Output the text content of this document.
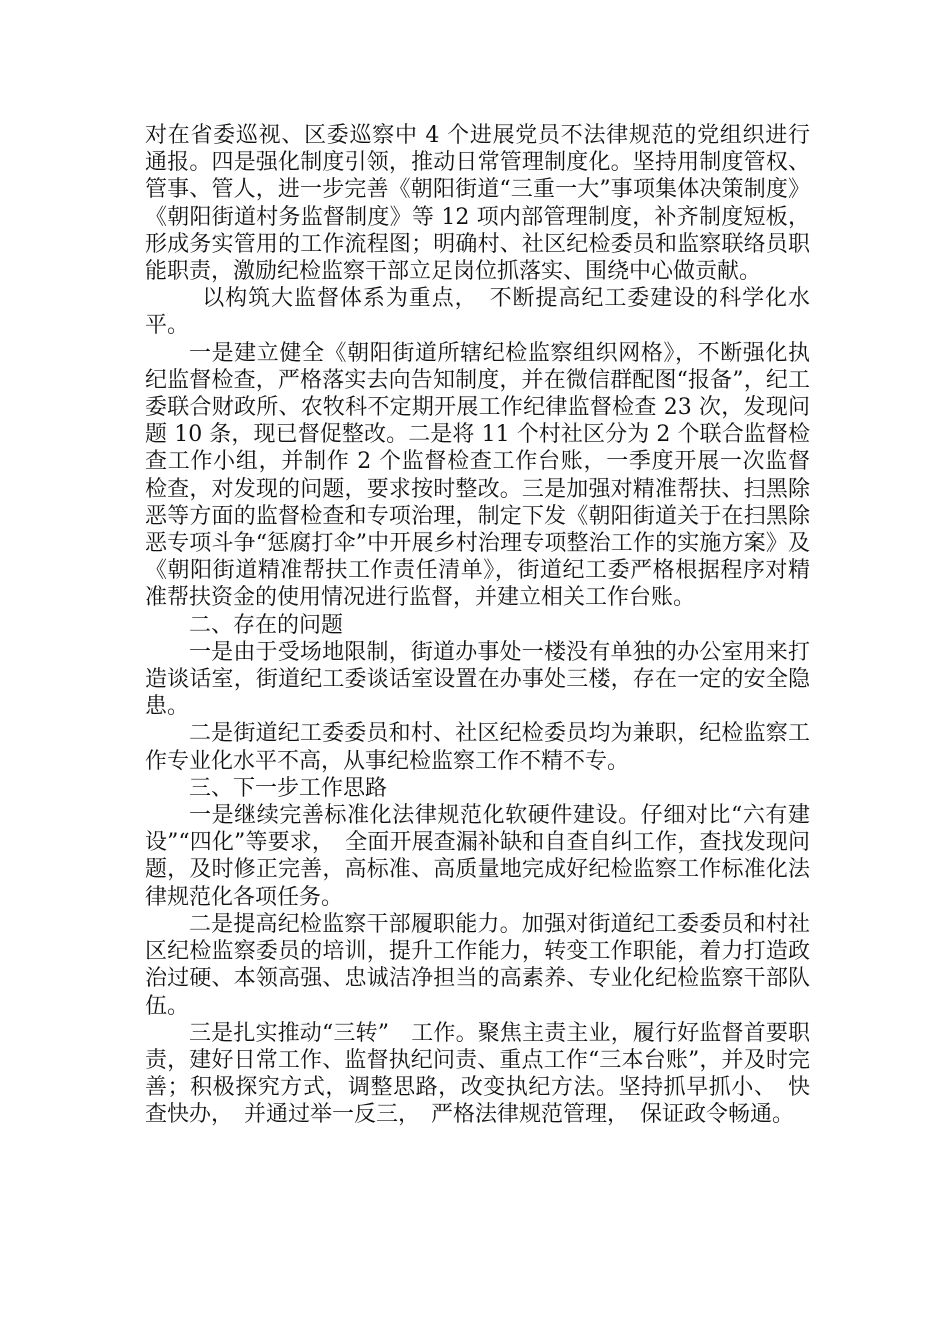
对在省委巡视、区委巡察中 4 个进展党员不法律规范的党组织进行通报。四是强化制度引领，推动日常管理制度化。坚持用制度管权、管事、管人，进一步完善《朝阳街道“三重一大”事项集体决策制度》《朝阳街道村务监督制度》等 12 项内部管理制度，补齐制度短板，形成务实管用的工作流程图；明确村、社区纪检委员和监察联络员职能职责，激励纪检监察干部立足岗位抓落实、围绕中心做贡献。

以构筑大监督体系为重点，　不断提高纪工委建设的科学化水平。

一是建立健全《朝阳街道所辖纪检监察组织网格》，不断强化执纪监督检查，严格落实去向告知制度，并在微信群配图“报备”，纪工委联合财政所、农牧科不定期开展工作纪律监督检查 23 次，发现问题 10 条，现已督促整改。二是将 11 个村社区分为 2 个联合监督检查工作小组，并制作 2 个监督检查工作台账，一季度开展一次监督检查，对发现的问题，要求按时整改。三是加强对精准帮扶、扫黑除恶等方面的监督检查和专项治理，制定下发《朝阳街道关于在扫黑除恶专项斗争“惩腐打伞”中开展乡村治理专项整治工作的实施方案》及《朝阳街道精准帮扶工作责任清单》，街道纪工委严格根据程序对精准帮扶资金的使用情况进行监督，并建立相关工作台账。

二、存在的问题

一是由于受场地限制，街道办事处一楼没有单独的办公室用来打造谈话室，街道纪工委谈话室设置在办事处三楼，存在一定的安全隐患。

二是街道纪工委委员和村、社区纪检委员均为兼职，纪检监察工作专业化水平不高，从事纪检监察工作不精不专。

三、下一步工作思路

一是继续完善标准化法律规范化软硬件建设。仔细对比“六有建设”“四化”等要求，　全面开展查漏补缺和自查自纠工作，查找发现问题，及时修正完善，高标准、高质量地完成好纪检监察工作标准化法律规范化各项任务。

二是提高纪检监察干部履职能力。加强对街道纪工委委员和村社区纪检监察委员的培训，提升工作能力，转变工作职能，着力打造政治过硬、本领高强、忠诚洁净担当的高素养、专业化纪检监察干部队伍。

三是扎实推动“三转”　工作。聚焦主责主业，履行好监督首要职责，建好日常工作、监督执纪问责、重点工作“三本台账”，并及时完善；积极探究方式，调整思路，改变执纪方法。坚持抓早抓小、　快查快办，　并通过举一反三，　严格法律规范管理，　保证政令畅通。
